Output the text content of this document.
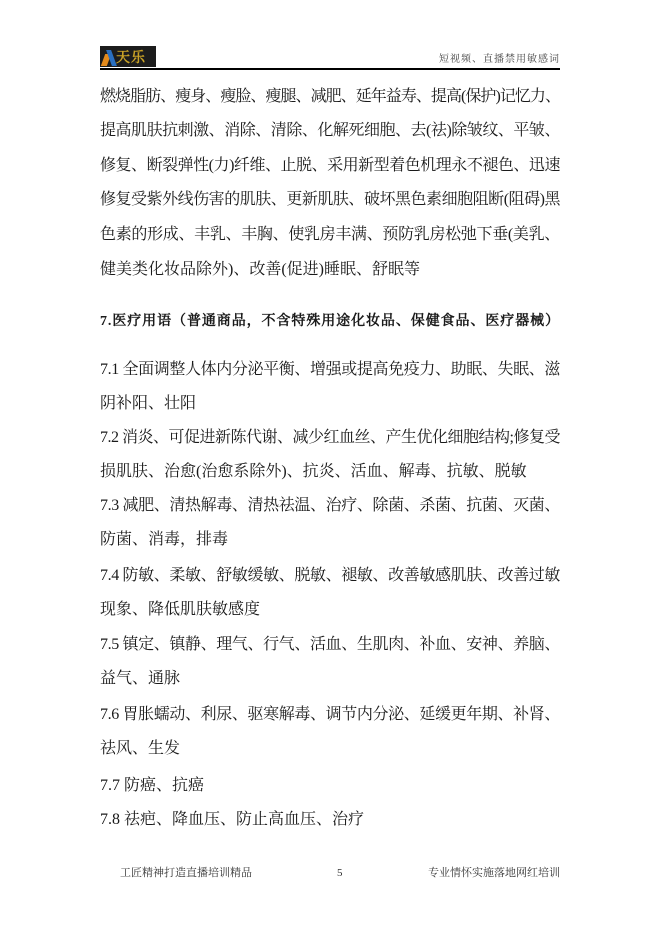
天乐	短视频、直播禁用敏感词
燃烧脂肪、瘦身、瘦脸、瘦腿、减肥、延年益寿、提高(保护)记忆力、
提高肌肤抗刺激、消除、清除、化解死细胞、去(祛)除皱纹、平皱、
修复、断裂弹性(力)纤维、止脱、采用新型着色机理永不褪色、迅速
修复受紫外线伤害的肌肤、更新肌肤、破坏黑色素细胞阻断(阻碍)黑
色素的形成、丰乳、丰胸、使乳房丰满、预防乳房松弛下垂(美乳、
健美类化妆品除外)、改善(促进)睡眠、舒眠等
7.医疗用语（普通商品，不含特殊用途化妆品、保健食品、医疗器械）
7.1 全面调整人体内分泌平衡、增强或提高免疫力、助眠、失眠、滋
阴补阳、壮阳
7.2 消炎、可促进新陈代谢、减少红血丝、产生优化细胞结构;修复受
损肌肤、治愈(治愈系除外)、抗炎、活血、解毒、抗敏、脱敏
7.3 减肥、清热解毒、清热祛温、治疗、除菌、杀菌、抗菌、灭菌、
防菌、消毒，排毒
7.4 防敏、柔敏、舒敏缓敏、脱敏、褪敏、改善敏感肌肤、改善过敏
现象、降低肌肤敏感度
7.5 镇定、镇静、理气、行气、活血、生肌肉、补血、安神、养脑、
益气、通脉
7.6 胃胀蠕动、利尿、驱寒解毒、调节内分泌、延缓更年期、补肾、
祛风、生发
7.7 防癌、抗癌
7.8 祛疤、降血压、防止高血压、治疗
工匠精神打造直播培训精品	5	专业情怀实施落地网红培训
